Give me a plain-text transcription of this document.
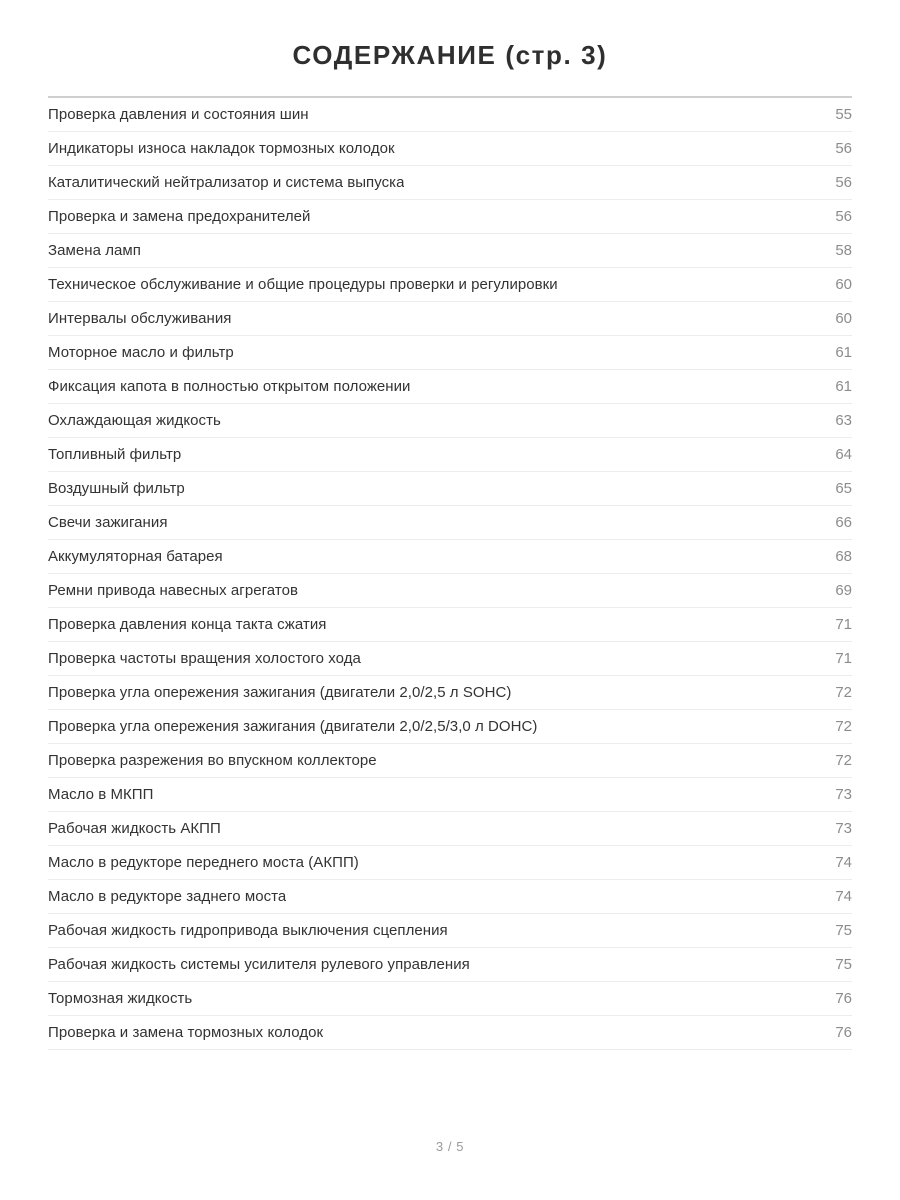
СОДЕРЖАНИЕ (стр. 3)
Проверка давления и состояния шин	55
Индикаторы износа накладок тормозных колодок	56
Каталитический нейтрализатор и система выпуска	56
Проверка и замена предохранителей	56
Замена ламп	58
Техническое обслуживание и общие процедуры проверки и регулировки	60
Интервалы обслуживания	60
Моторное масло и фильтр	61
Фиксация капота в полностью открытом положении	61
Охлаждающая жидкость	63
Топливный фильтр	64
Воздушный фильтр	65
Свечи зажигания	66
Аккумуляторная батарея	68
Ремни привода навесных агрегатов	69
Проверка давления конца такта сжатия	71
Проверка частоты вращения холостого хода	71
Проверка угла опережения зажигания (двигатели 2,0/2,5 л SOHC)	72
Проверка угла опережения зажигания (двигатели 2,0/2,5/3,0 л DOHC)	72
Проверка разрежения во впускном коллекторе	72
Масло в МКПП	73
Рабочая жидкость АКПП	73
Масло в редукторе переднего моста (АКПП)	74
Масло в редукторе заднего моста	74
Рабочая жидкость гидропривода выключения сцепления	75
Рабочая жидкость системы усилителя рулевого управления	75
Тормозная жидкость	76
Проверка и замена тормозных колодок	76
3 / 5
